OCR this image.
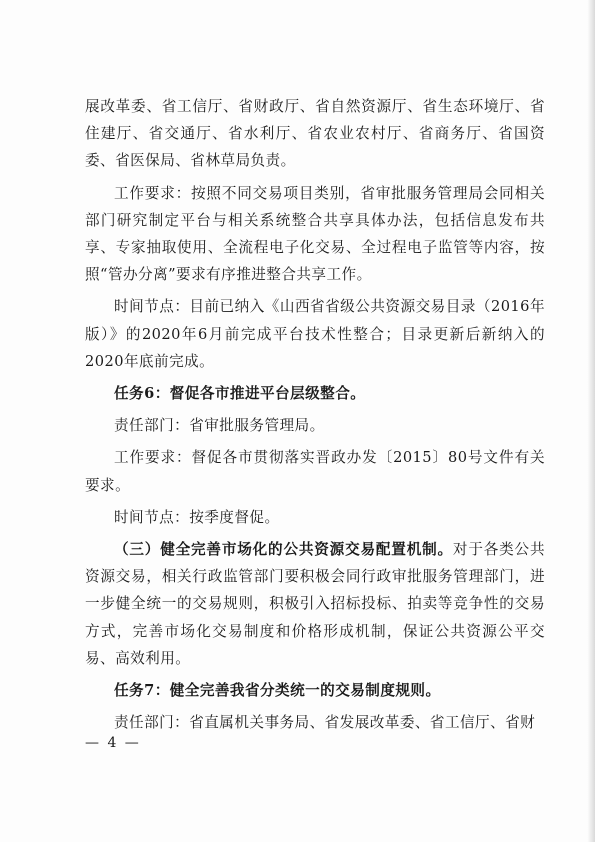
展改革委、省工信厅、省财政厅、省自然资源厅、省生态环境厅、省住建厅、省交通厅、省水利厅、省农业农村厅、省商务厅、省国资委、省医保局、省林草局负责。

工作要求：按照不同交易项目类别，省审批服务管理局会同相关部门研究制定平台与相关系统整合共享具体办法，包括信息发布共享、专家抽取使用、全流程电子化交易、全过程电子监管等内容，按照“管办分离”要求有序推进整合共享工作。

时间节点：目前已纳入《山西省省级公共资源交易目录（2016年版）》的2020年6月前完成平台技术性整合；目录更新后新纳入的2020年底前完成。

任务6：督促各市推进平台层级整合。

责任部门：省审批服务管理局。

工作要求：督促各市贯彻落实晋政办发〔2015〕80号文件有关要求。

时间节点：按季度督促。

（三）健全完善市场化的公共资源交易配置机制。对于各类公共资源交易，相关行政监管部门要积极会同行政审批服务管理部门，进一步健全统一的交易规则，积极引入招标投标、拍卖等竞争性的交易方式，完善市场化交易制度和价格形成机制，保证公共资源公平交易、高效利用。

任务7：健全完善我省分类统一的交易制度规则。

责任部门：省直属机关事务局、省发展改革委、省工信厅、省财

— 4 —
